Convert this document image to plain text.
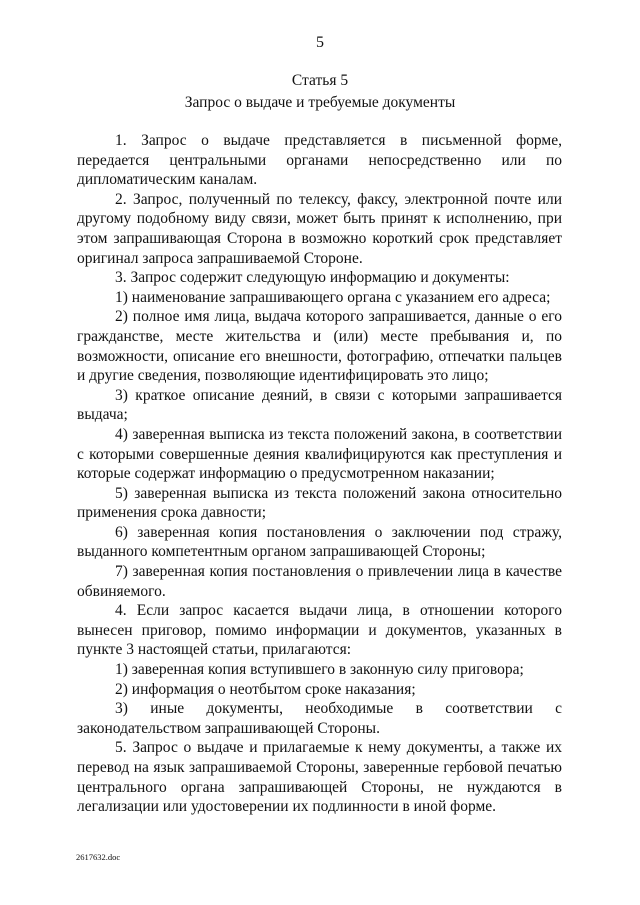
5
Статья 5
Запрос о выдаче и требуемые документы

1. Запрос о выдаче представляется в письменной форме, передается центральными органами непосредственно или по дипломатическим каналам.

2. Запрос, полученный по телексу, факсу, электронной почте или другому подобному виду связи, может быть принят к исполнению, при этом запрашивающая Сторона в возможно короткий срок представляет оригинал запроса запрашиваемой Стороне.

3. Запрос содержит следующую информацию и документы:

1) наименование запрашивающего органа с указанием его адреса;

2) полное имя лица, выдача которого запрашивается, данные о его гражданстве, месте жительства и (или) месте пребывания и, по возможности, описание его внешности, фотографию, отпечатки пальцев и другие сведения, позволяющие идентифицировать это лицо;

3) краткое описание деяний, в связи с которыми запрашивается выдача;

4) заверенная выписка из текста положений закона, в соответствии с которыми совершенные деяния квалифицируются как преступления и которые содержат информацию о предусмотренном наказании;

5) заверенная выписка из текста положений закона относительно применения срока давности;

6) заверенная копия постановления о заключении под стражу, выданного компетентным органом запрашивающей Стороны;

7) заверенная копия постановления о привлечении лица в качестве обвиняемого.

4. Если запрос касается выдачи лица, в отношении которого вынесен приговор, помимо информации и документов, указанных в пункте 3 настоящей статьи, прилагаются:

1) заверенная копия вступившего в законную силу приговора;

2) информация о неотбытом сроке наказания;

3) иные документы, необходимые в соответствии с законодательством запрашивающей Стороны.

5. Запрос о выдаче и прилагаемые к нему документы, а также их перевод на язык запрашиваемой Стороны, заверенные гербовой печатью центрального органа запрашивающей Стороны, не нуждаются в легализации или удостоверении их подлинности в иной форме.

2617632.doc
